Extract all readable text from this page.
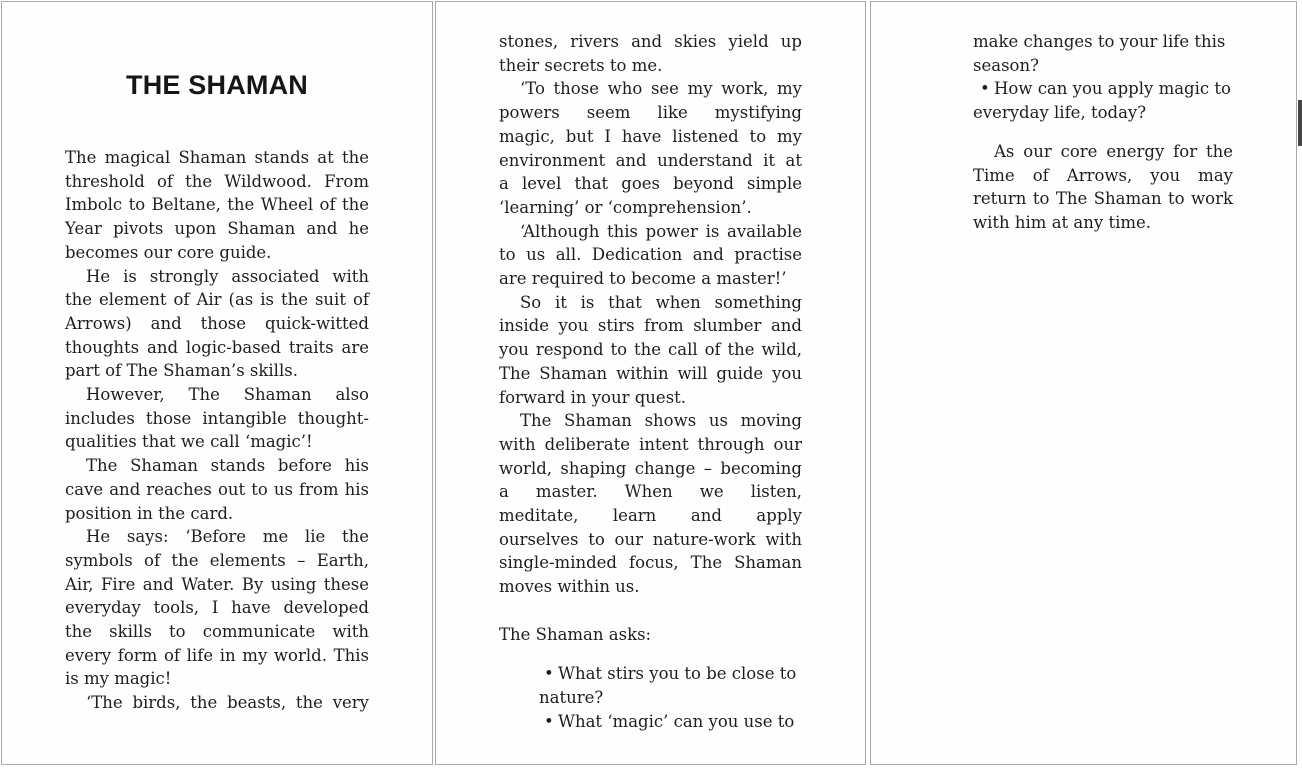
THE SHAMAN
The magical Shaman stands at the
threshold of the Wildwood. From
Imbolc to Beltane, the Wheel of the
Year pivots upon Shaman and he
becomes our core guide.
He is strongly associated with
the element of Air (as is the suit of
Arrows) and those quick-witted
thoughts and logic-based traits are
part of The Shaman’s skills.
However, The Shaman also
includes those intangible thought-
qualities that we call ‘magic’!
The Shaman stands before his
cave and reaches out to us from his
position in the card.
He says: ‘Before me lie the
symbols of the elements – Earth,
Air, Fire and Water. By using these
everyday tools, I have developed
the skills to communicate with
every form of life in my world. This
is my magic!
‘The birds, the beasts, the very
stones, rivers and skies yield up
their secrets to me.
‘To those who see my work, my
powers seem like mystifying
magic, but I have listened to my
environment and understand it at
a level that goes beyond simple
‘learning’ or ‘comprehension’.
‘Although this power is available
to us all. Dedication and practise
are required to become a master!’
So it is that when something
inside you stirs from slumber and
you respond to the call of the wild,
The Shaman within will guide you
forward in your quest.
The Shaman shows us moving
with deliberate intent through our
world, shaping change – becoming
a master. When we listen,
meditate, learn and apply
ourselves to our nature-work with
single-minded focus, The Shaman
moves within us.
The Shaman asks:
• What stirs you to be close to
nature?
• What ‘magic’ can you use to
make changes to your life this
season?
• How can you apply magic to
everyday life, today?
As our core energy for the
Time of Arrows, you may
return to The Shaman to work
with him at any time.
